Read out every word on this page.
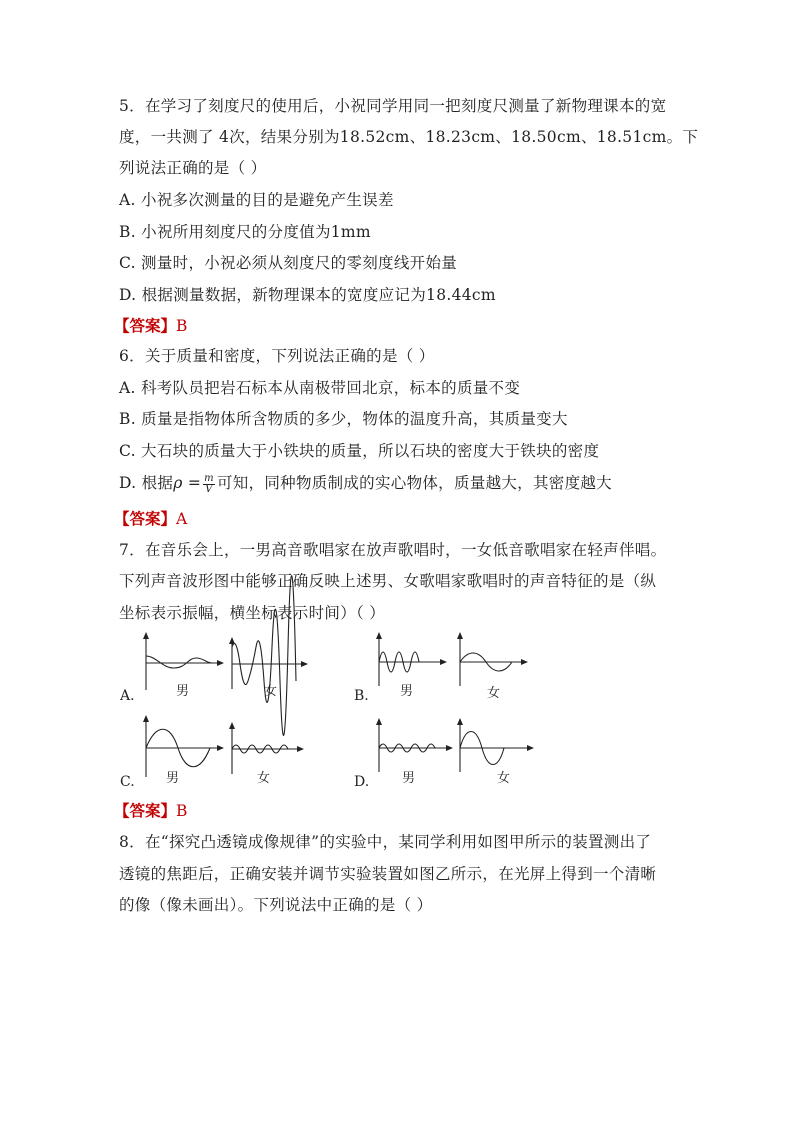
5．在学习了刻度尺的使用后，小祝同学用同一把刻度尺测量了新物理课本的宽
度，一共测了 4次，结果分别为18.52cm、18.23cm、18.50cm、18.51cm。下
列说法正确的是（ ）
A. 小祝多次测量的目的是避免产生误差
B. 小祝所用刻度尺的分度值为1mm
C. 测量时，小祝必须从刻度尺的零刻度线开始量
D. 根据测量数据，新物理课本的宽度应记为18.44cm
【答案】B
6．关于质量和密度，下列说法正确的是（ ）
A. 科考队员把岩石标本从南极带回北京，标本的质量不变
B. 质量是指物体所含物质的多少，物体的温度升高，其质量变大
C. 大石块的质量大于小铁块的质量，所以石块的密度大于铁块的密度
D. 根据$\rho = \frac{m}{V}$ 可知，同种物质制成的实心物体，质量越大，其密度越大
【答案】A
7．在音乐会上，一男高音歌唱家在放声歌唱时，一女低音歌唱家在轻声伴唱。
下列声音波形图中能够正确反映上述男、女歌唱家歌唱时的声音特征的是（纵
坐标表示振幅，横坐标表示时间）（ ）
A.	男	女	B. 男	女
C. 男	女	D.	男	女
【答案】B
8．在“探究凸透镜成像规律”的实验中，某同学利用如图甲所示的装置测出了
透镜的焦距后，正确安装并调节实验装置如图乙所示，在光屏上得到一个清晰
的像（像未画出）。下列说法中正确的是（ ）
